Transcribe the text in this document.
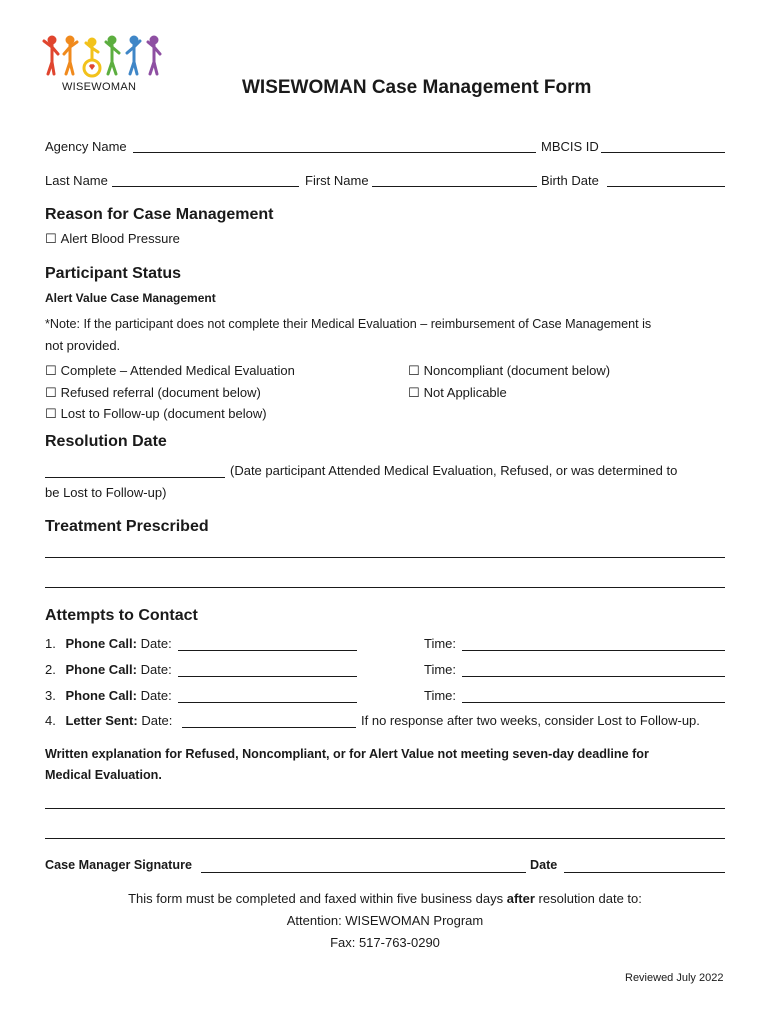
WISEWOMAN	WISEWOMAN Case Management Form
Agency Name	MBCIS ID
Last Name	First Name	Birth Date
Reason for Case Management
☐ Alert Blood Pressure
Participant Status
Alert Value Case Management
*Note: If the participant does not complete their Medical Evaluation – reimbursement of Case Management is
not provided.
☐ Complete – Attended Medical Evaluation
☐ Refused referral (document below)
☐ Lost to Follow-up (document below)
☐ Noncompliant (document below)
☐ Not Applicable
Resolution Date
(Date participant Attended Medical Evaluation, Refused, or was determined to
be Lost to Follow-up)
Treatment Prescribed
Attempts to Contact
1. Phone Call: Date:	Time:
2. Phone Call: Date:	Time:
3. Phone Call: Date:	Time:
4. Letter Sent: Date:	If no response after two weeks, consider Lost to Follow-up.
Written explanation for Refused, Noncompliant, or for Alert Value not meeting seven-day deadline for
Medical Evaluation.
Case Manager Signature	Date
This form must be completed and faxed within five business days after resolution date to:
Attention: WISEWOMAN Program
Fax: 517-763-0290
Reviewed July 2022
